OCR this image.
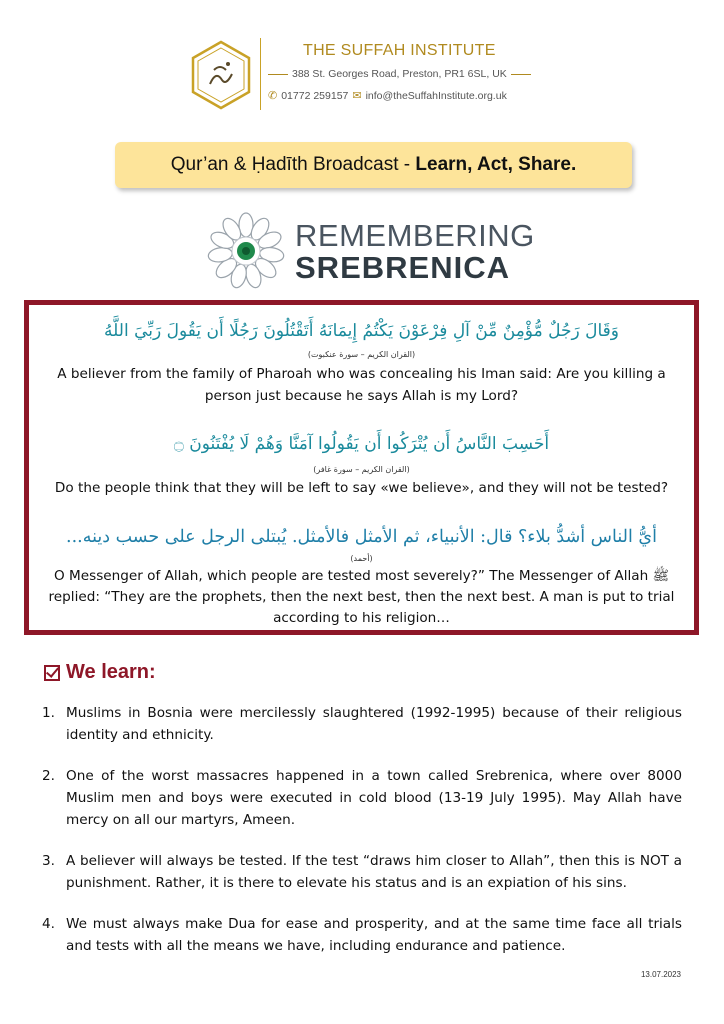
THE SUFFAH INSTITUTE
388 St. Georges Road, Preston, PR1 6SL, UK
✆ 01772 259157 ✉ info@theSuffahInstitute.org.uk
Qur’an & Ḥadīth Broadcast - Learn, Act, Share.
REMEMBERING
SREBRENICA
وَقَالَ رَجُلٌ مُّؤْمِنٌ مِّنْ آلِ فِرْعَوْنَ يَكْتُمُ إِيمَانَهُ أَتَقْتُلُونَ رَجُلًا أَن يَقُولَ رَبِّيَ اللَّهُ
(القران الكريم – سورة عنكبوت)
A believer from the family of Pharoah who was concealing his Iman said: Are you killing a person just because he says Allah is my Lord?
أَحَسِبَ النَّاسُ أَن يُتْرَكُوا أَن يَقُولُوا آمَنَّا وَهُمْ لَا يُفْتَنُونَ ۝
(القران الكريم – سورة غافر)
Do the people think that they will be left to say «we believe», and they will not be tested?
أيُّ الناس أشدُّ بلاء؟ قال: الأنبياء، ثم الأمثل فالأمثل. يُبتلى الرجل على حسب دينه...
(أحمد)
O Messenger of Allah, which people are tested most severely?” The Messenger of Allah ﷺ replied: “They are the prophets, then the next best, then the next best. A man is put to trial according to his religion…
We learn:
1. Muslims in Bosnia were mercilessly slaughtered (1992-1995) because of their religious identity and ethnicity.
2. One of the worst massacres happened in a town called Srebrenica, where over 8000 Muslim men and boys were executed in cold blood (13-19 July 1995). May Allah have mercy on all our martyrs, Ameen.
3. A believer will always be tested. If the test “draws him closer to Allah”, then this is NOT a punishment. Rather, it is there to elevate his status and is an expiation of his sins.
4. We must always make Dua for ease and prosperity, and at the same time face all trials and tests with all the means we have, including endurance and patience.
13.07.2023
